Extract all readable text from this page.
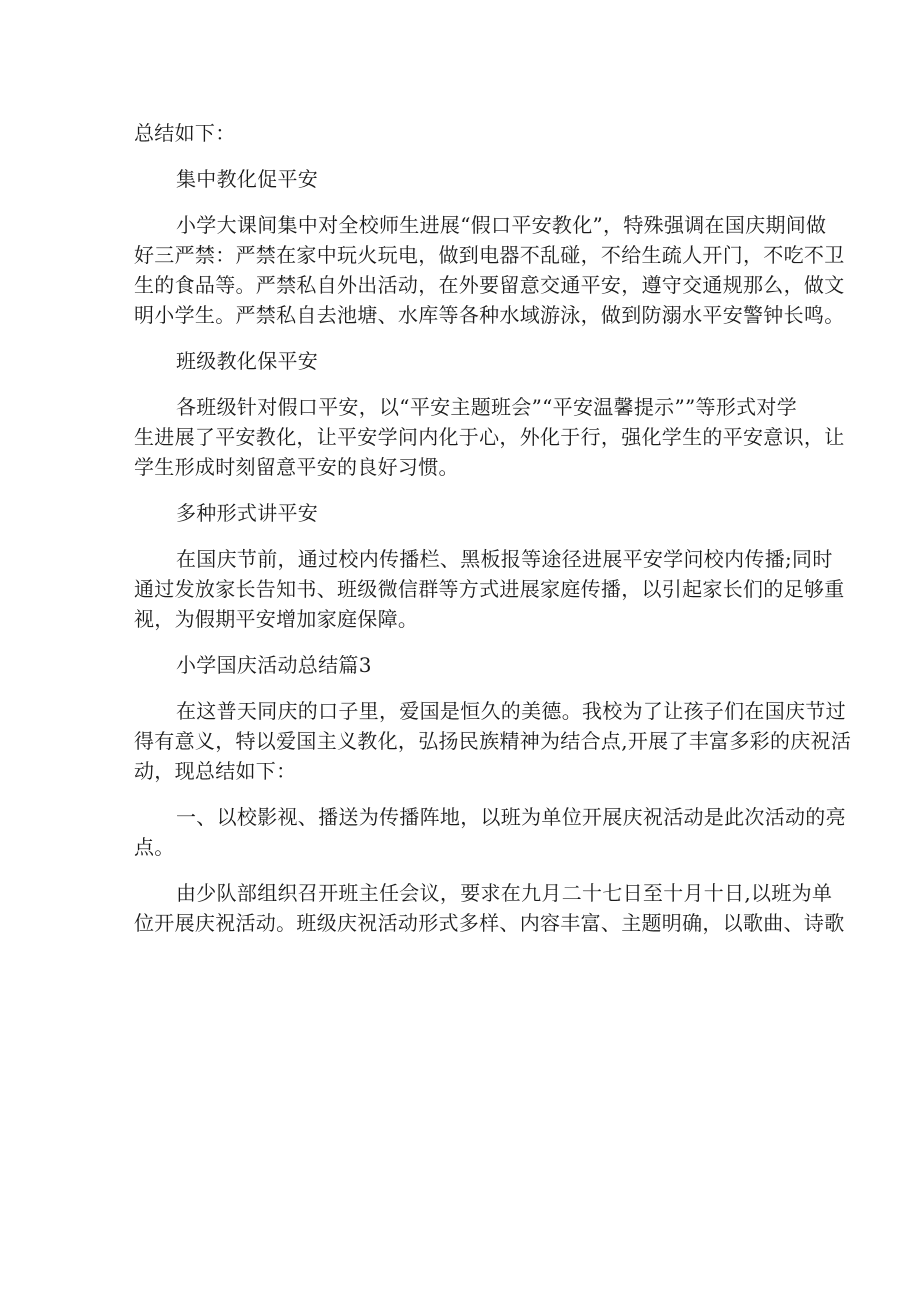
总结如下：
集中教化促平安
小学大课间集中对全校师生进展“假口平安教化”，特殊强调在国庆期间做
好三严禁：严禁在家中玩火玩电，做到电器不乱碰，不给生疏人开门，不吃不卫
生的食品等。严禁私自外出活动，在外要留意交通平安，遵守交通规那么，做文
明小学生。严禁私自去池塘、水库等各种水域游泳，做到防溺水平安警钟长鸣。
班级教化保平安
各班级针对假口平安，以“平安主题班会”“平安温馨提示””等形式对学
生进展了平安教化，让平安学问内化于心，外化于行，强化学生的平安意识，让
学生形成时刻留意平安的良好习惯。
多种形式讲平安
在国庆节前，通过校内传播栏、黑板报等途径进展平安学问校内传播;同时
通过发放家长告知书、班级微信群等方式进展家庭传播，以引起家长们的足够重
视，为假期平安增加家庭保障。
小学国庆活动总结篇3
在这普天同庆的口子里，爱国是恒久的美德。我校为了让孩子们在国庆节过
得有意义，特以爱国主义教化，弘扬民族精神为结合点,开展了丰富多彩的庆祝活
动，现总结如下：
一、以校影视、播送为传播阵地，以班为单位开展庆祝活动是此次活动的亮
点。
由少队部组织召开班主任会议，要求在九月二十七日至十月十日,以班为单
位开展庆祝活动。班级庆祝活动形式多样、内容丰富、主题明确，以歌曲、诗歌
